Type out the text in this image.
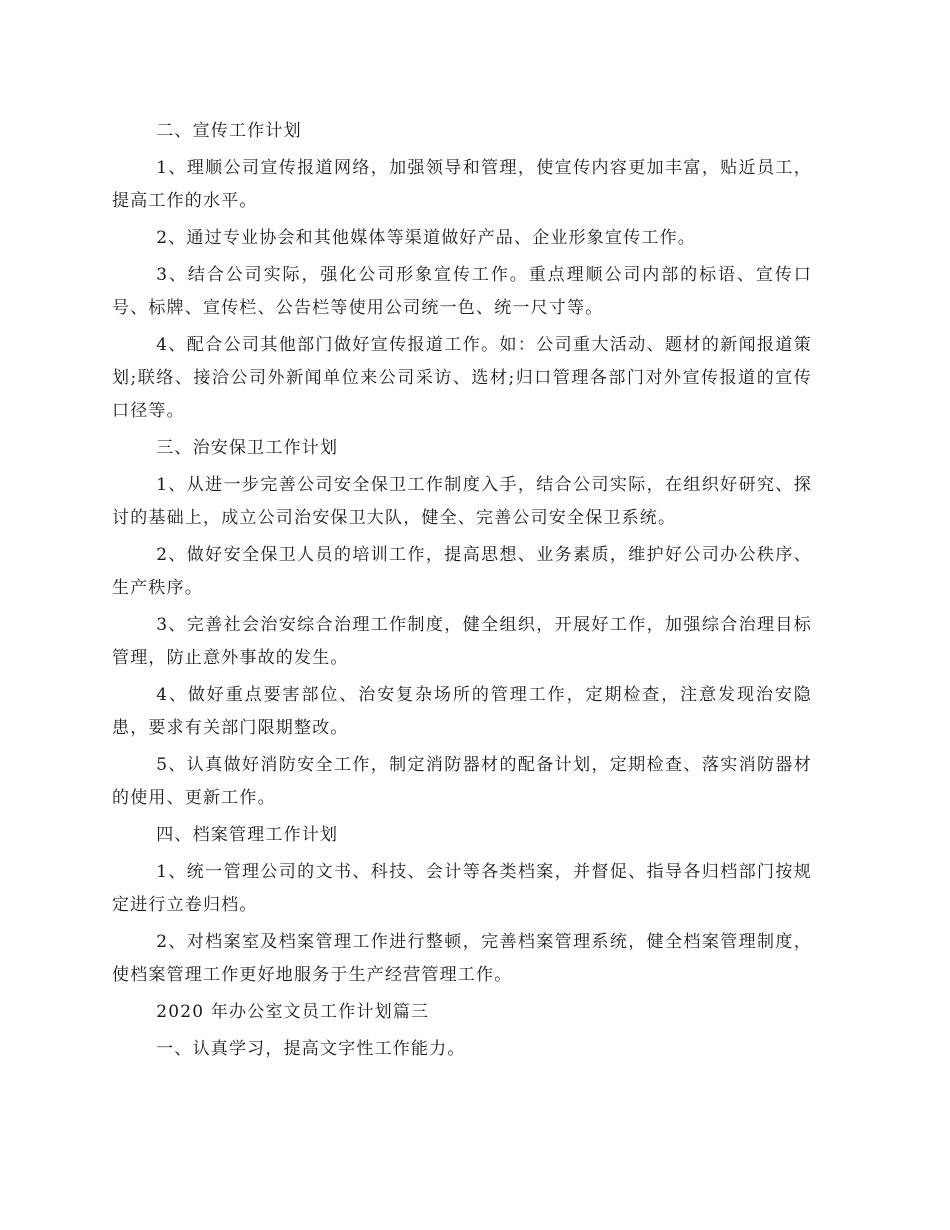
二、宣传工作计划

1、理顺公司宣传报道网络，加强领导和管理，使宣传内容更加丰富，贴近员工，提高工作的水平。

2、通过专业协会和其他媒体等渠道做好产品、企业形象宣传工作。

3、结合公司实际，强化公司形象宣传工作。重点理顺公司内部的标语、宣传口号、标牌、宣传栏、公告栏等使用公司统一色、统一尺寸等。

4、配合公司其他部门做好宣传报道工作。如：公司重大活动、题材的新闻报道策划;联络、接洽公司外新闻单位来公司采访、选材;归口管理各部门对外宣传报道的宣传口径等。

三、治安保卫工作计划

1、从进一步完善公司安全保卫工作制度入手，结合公司实际，在组织好研究、探讨的基础上，成立公司治安保卫大队，健全、完善公司安全保卫系统。

2、做好安全保卫人员的培训工作，提高思想、业务素质，维护好公司办公秩序、生产秩序。

3、完善社会治安综合治理工作制度，健全组织，开展好工作，加强综合治理目标管理，防止意外事故的发生。

4、做好重点要害部位、治安复杂场所的管理工作，定期检查，注意发现治安隐患，要求有关部门限期整改。

5、认真做好消防安全工作，制定消防器材的配备计划，定期检查、落实消防器材的使用、更新工作。

四、档案管理工作计划

1、统一管理公司的文书、科技、会计等各类档案，并督促、指导各归档部门按规定进行立卷归档。

2、对档案室及档案管理工作进行整顿，完善档案管理系统，健全档案管理制度，使档案管理工作更好地服务于生产经营管理工作。

2020 年办公室文员工作计划篇三

一、认真学习，提高文字性工作能力。
